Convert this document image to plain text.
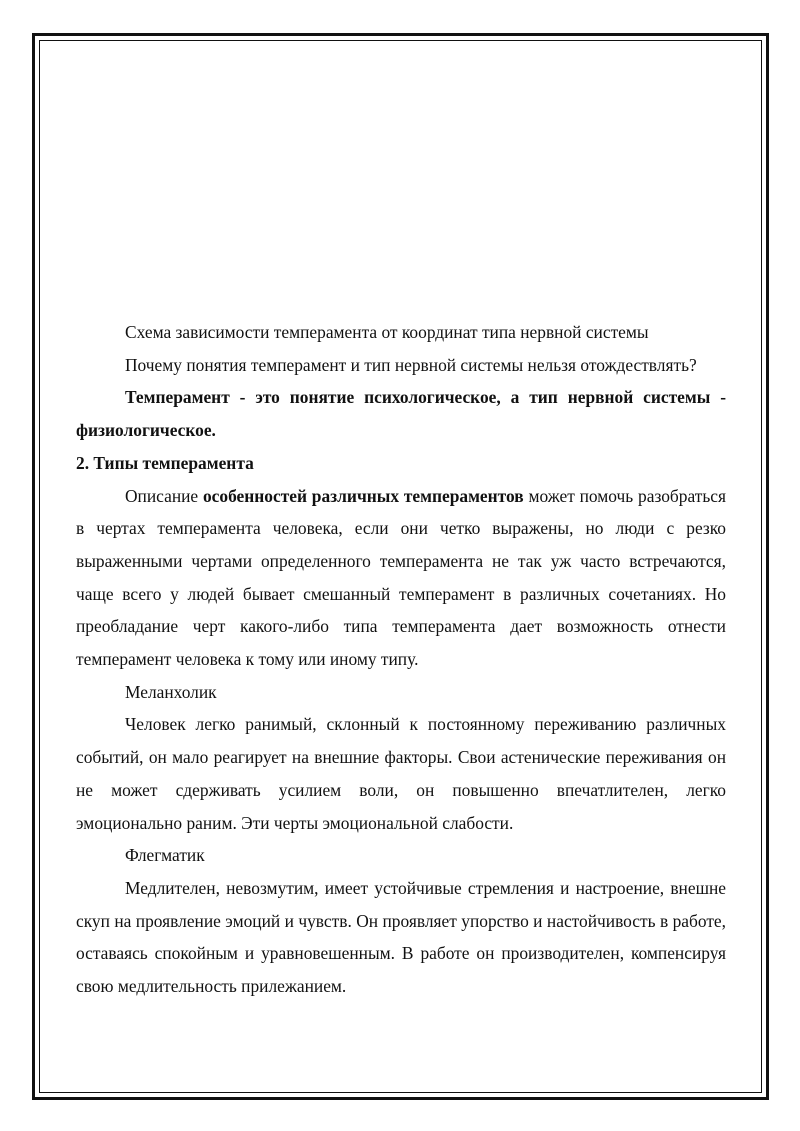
Схема зависимости темперамента от координат типа нервной системы

Почему понятия темперамент и тип нервной системы нельзя отождествлять?

Темперамент - это понятие психологическое, а тип нервной системы - физиологическое.

2. Типы темперамента

Описание особенностей различных темпераментов может помочь разобраться в чертах темперамента человека, если они четко выражены, но люди с резко выраженными чертами определенного темперамента не так уж часто встречаются, чаще всего у людей бывает смешанный темперамент в различных сочетаниях. Но преобладание черт какого-либо типа темперамента дает возможность отнести темперамент человека к тому или иному типу.

Меланхолик

Человек легко ранимый, склонный к постоянному переживанию различных событий, он мало реагирует на внешние факторы. Свои астенические переживания он не может сдерживать усилием воли, он повышенно впечатлителен, легко эмоционально раним. Эти черты эмоциональной слабости.

Флегматик

Медлителен, невозмутим, имеет устойчивые стремления и настроение, внешне скуп на проявление эмоций и чувств. Он проявляет упорство и настойчивость в работе, оставаясь спокойным и уравновешенным. В работе он производителен, компенсируя свою медлительность прилежанием.
